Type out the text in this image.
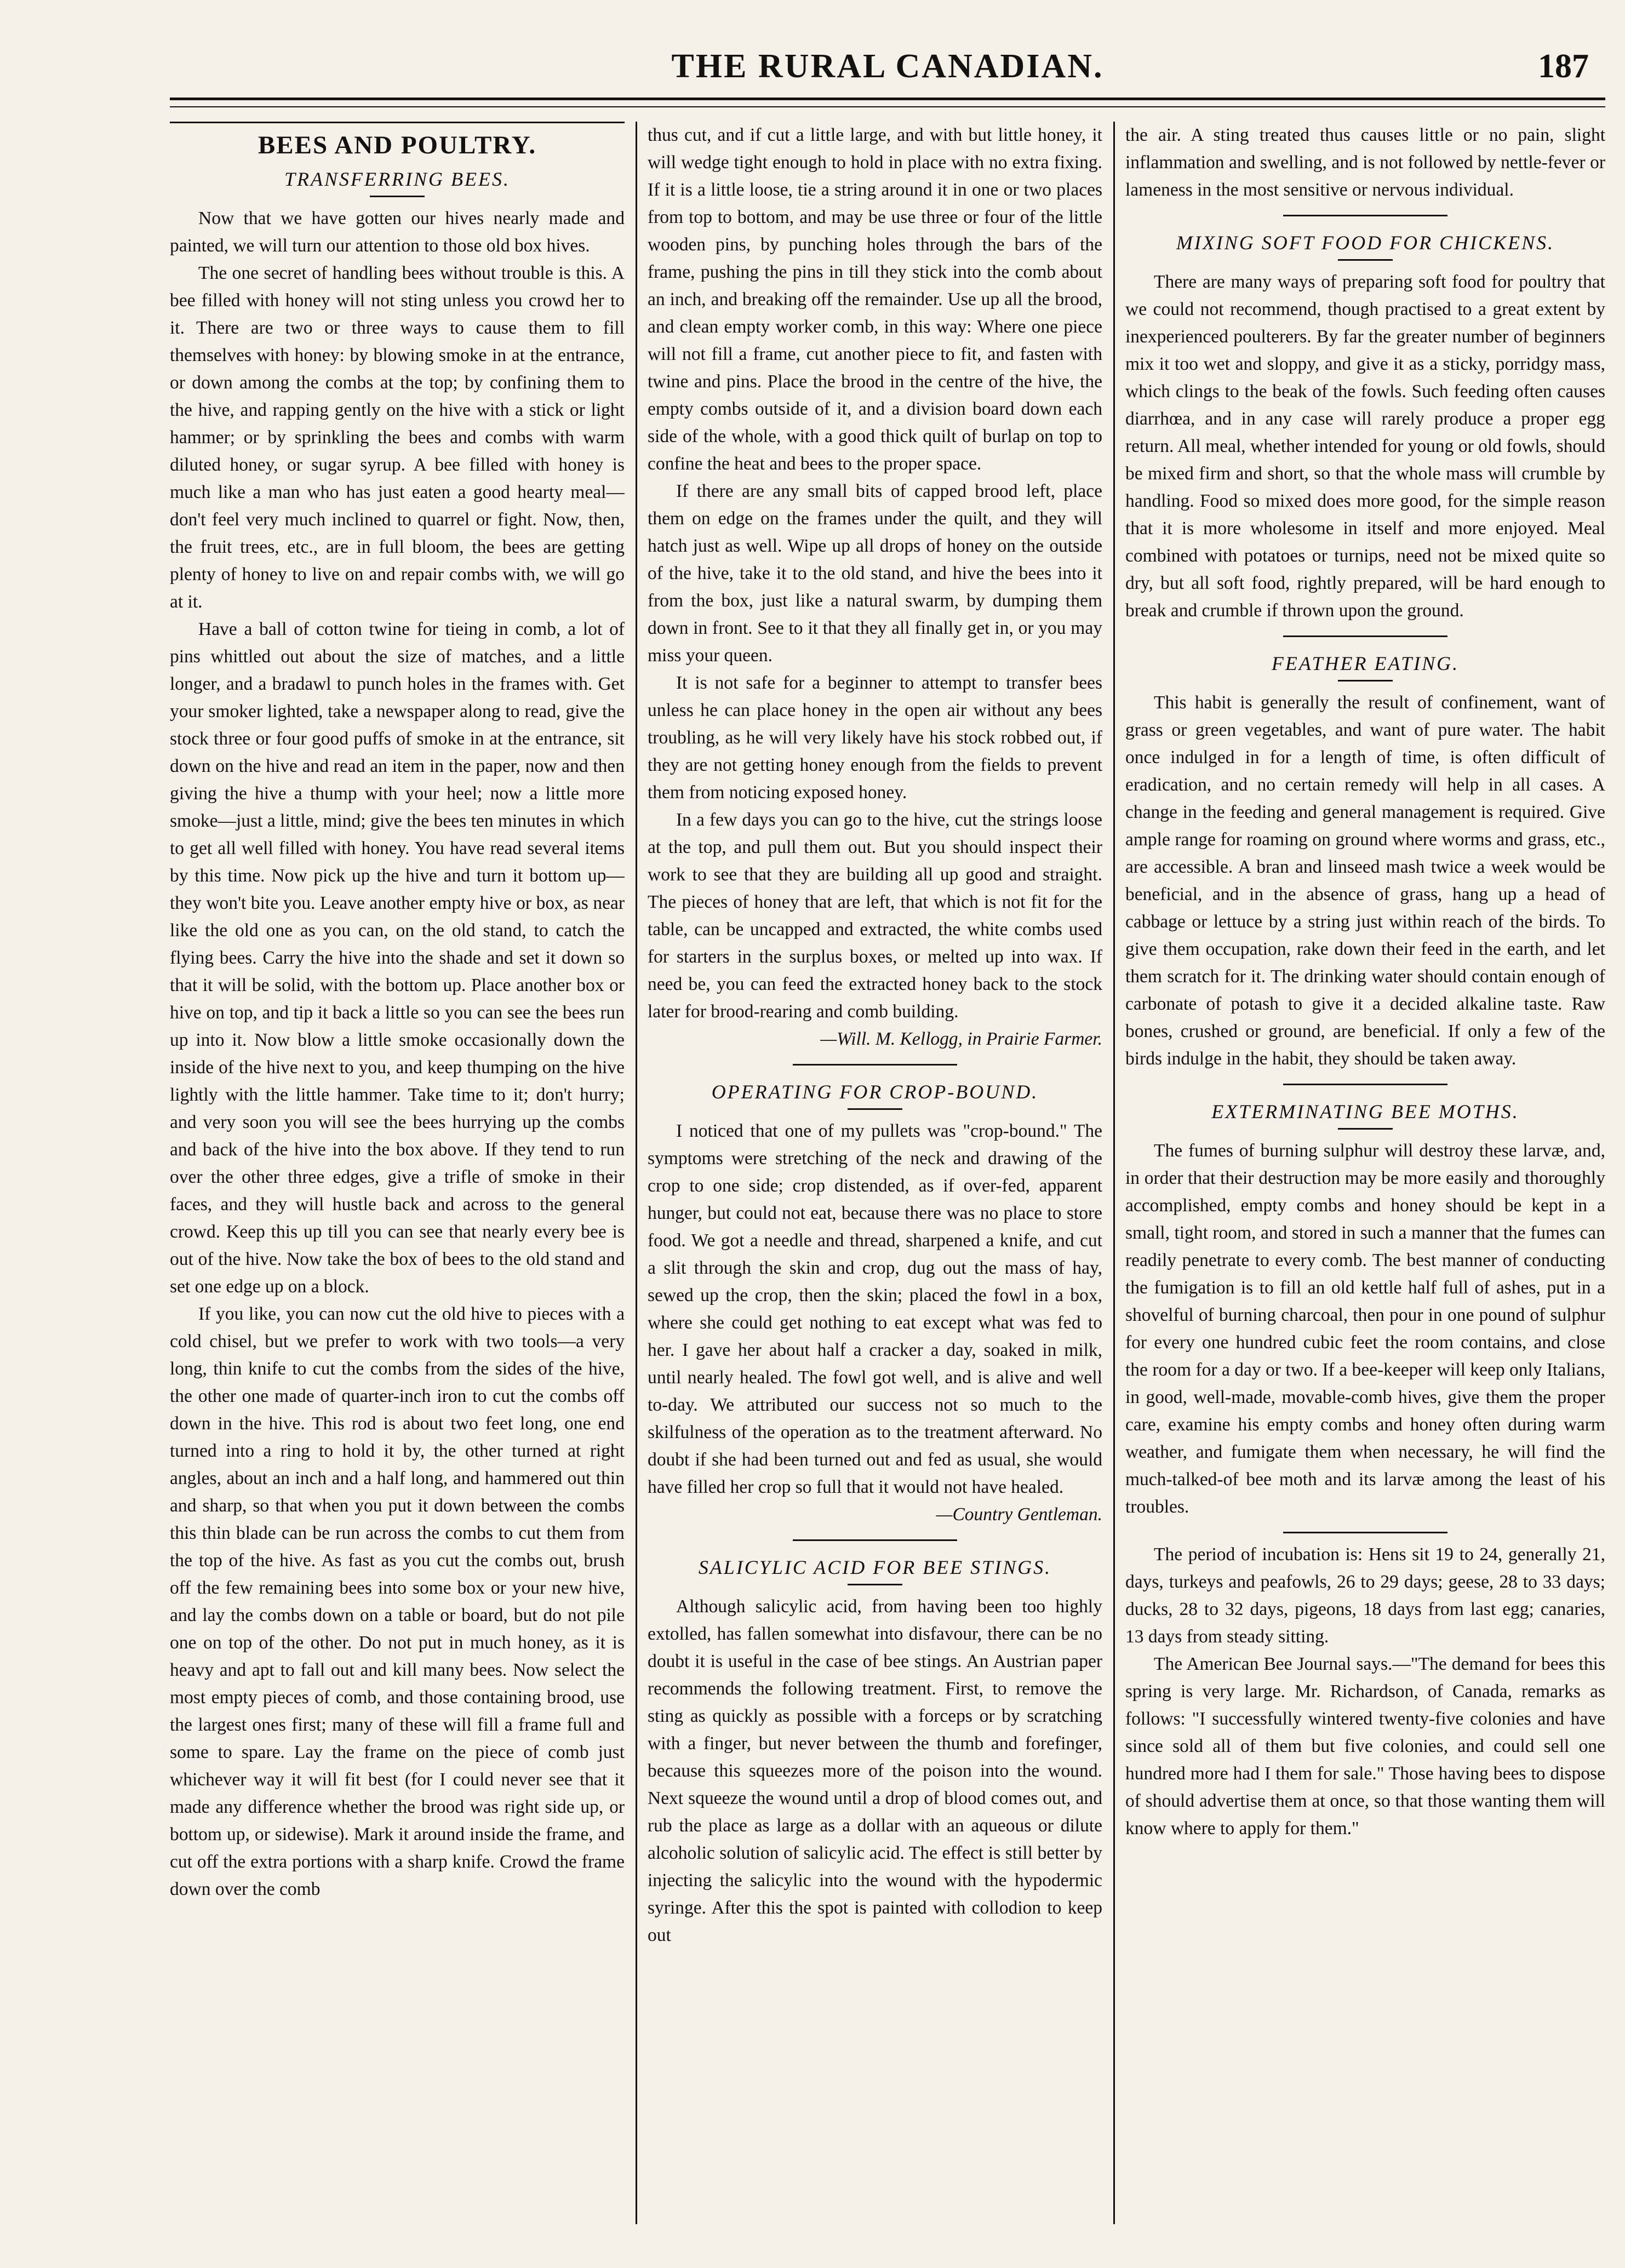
THE RURAL CANADIAN.	187
BEES AND POULTRY.
TRANSFERRING BEES.

Now that we have gotten our hives nearly made and painted, we will turn our attention to those old box hives.

The one secret of handling bees without trouble is this. A bee filled with honey will not sting unless you crowd her to it. There are two or three ways to cause them to fill themselves with honey: by blowing smoke in at the entrance, or down among the combs at the top; by confining them to the hive, and rapping gently on the hive with a stick or light hammer; or by sprinkling the bees and combs with warm diluted honey, or sugar syrup. A bee filled with honey is much like a man who has just eaten a good hearty meal—don't feel very much inclined to quarrel or fight. Now, then, the fruit trees, etc., are in full bloom, the bees are getting plenty of honey to live on and repair combs with, we will go at it.

Have a ball of cotton twine for tieing in comb, a lot of pins whittled out about the size of matches, and a little longer, and a bradawl to punch holes in the frames with. Get your smoker lighted, take a newspaper along to read, give the stock three or four good puffs of smoke in at the entrance, sit down on the hive and read an item in the paper, now and then giving the hive a thump with your heel; now a little more smoke—just a little, mind; give the bees ten minutes in which to get all well filled with honey. You have read several items by this time. Now pick up the hive and turn it bottom up—they won't bite you. Leave another empty hive or box, as near like the old one as you can, on the old stand, to catch the flying bees. Carry the hive into the shade and set it down so that it will be solid, with the bottom up. Place another box or hive on top, and tip it back a little so you can see the bees run up into it. Now blow a little smoke occasionally down the inside of the hive next to you, and keep thumping on the hive lightly with the little hammer. Take time to it; don't hurry; and very soon you will see the bees hurrying up the combs and back of the hive into the box above. If they tend to run over the other three edges, give a trifle of smoke in their faces, and they will hustle back and across to the general crowd. Keep this up till you can see that nearly every bee is out of the hive. Now take the box of bees to the old stand and set one edge up on a block.

If you like, you can now cut the old hive to pieces with a cold chisel, but we prefer to work with two tools—a very long, thin knife to cut the combs from the sides of the hive, the other one made of quarter-inch iron to cut the combs off down in the hive. This rod is about two feet long, one end turned into a ring to hold it by, the other turned at right angles, about an inch and a half long, and hammered out thin and sharp, so that when you put it down between the combs this thin blade can be run across the combs to cut them from the top of the hive. As fast as you cut the combs out, brush off the few remaining bees into some box or your new hive, and lay the combs down on a table or board, but do not pile one on top of the other. Do not put in much honey, as it is heavy and apt to fall out and kill many bees. Now select the most empty pieces of comb, and those containing brood, use the largest ones first; many of these will fill a frame full and some to spare. Lay the frame on the piece of comb just whichever way it will fit best (for I could never see that it made any difference whether the brood was right side up, or bottom up, or sidewise). Mark it around inside the frame, and cut off the extra portions with a sharp knife. Crowd the frame down over the comb

thus cut, and if cut a little large, and with but little honey, it will wedge tight enough to hold in place with no extra fixing. If it is a little loose, tie a string around it in one or two places from top to bottom, and may be use three or four of the little wooden pins, by punching holes through the bars of the frame, pushing the pins in till they stick into the comb about an inch, and breaking off the remainder. Use up all the brood, and clean empty worker comb, in this way: Where one piece will not fill a frame, cut another piece to fit, and fasten with twine and pins. Place the brood in the centre of the hive, the empty combs outside of it, and a division board down each side of the whole, with a good thick quilt of burlap on top to confine the heat and bees to the proper space.

If there are any small bits of capped brood left, place them on edge on the frames under the quilt, and they will hatch just as well. Wipe up all drops of honey on the outside of the hive, take it to the old stand, and hive the bees into it from the box, just like a natural swarm, by dumping them down in front. See to it that they all finally get in, or you may miss your queen.

It is not safe for a beginner to attempt to transfer bees unless he can place honey in the open air without any bees troubling, as he will very likely have his stock robbed out, if they are not getting honey enough from the fields to prevent them from noticing exposed honey.

In a few days you can go to the hive, cut the strings loose at the top, and pull them out. But you should inspect their work to see that they are building all up good and straight. The pieces of honey that are left, that which is not fit for the table, can be uncapped and extracted, the white combs used for starters in the surplus boxes, or melted up into wax. If need be, you can feed the extracted honey back to the stock later for brood-rearing and comb building.

—Will. M. Kellogg, in Prairie Farmer.

OPERATING FOR CROP-BOUND.

I noticed that one of my pullets was "crop-bound." The symptoms were stretching of the neck and drawing of the crop to one side; crop distended, as if over-fed, apparent hunger, but could not eat, because there was no place to store food. We got a needle and thread, sharpened a knife, and cut a slit through the skin and crop, dug out the mass of hay, sewed up the crop, then the skin; placed the fowl in a box, where she could get nothing to eat except what was fed to her. I gave her about half a cracker a day, soaked in milk, until nearly healed. The fowl got well, and is alive and well to-day. We attributed our success not so much to the skilfulness of the operation as to the treatment afterward. No doubt if she had been turned out and fed as usual, she would have filled her crop so full that it would not have healed.

—Country Gentleman.

SALICYLIC ACID FOR BEE STINGS.

Although salicylic acid, from having been too highly extolled, has fallen somewhat into disfavour, there can be no doubt it is useful in the case of bee stings. An Austrian paper recommends the following treatment. First, to remove the sting as quickly as possible with a forceps or by scratching with a finger, but never between the thumb and forefinger, because this squeezes more of the poison into the wound. Next squeeze the wound until a drop of blood comes out, and rub the place as large as a dollar with an aqueous or dilute alcoholic solution of salicylic acid. The effect is still better by injecting the salicylic into the wound with the hypodermic syringe. After this the spot is painted with collodion to keep out

the air. A sting treated thus causes little or no pain, slight inflammation and swelling, and is not followed by nettle-fever or lameness in the most sensitive or nervous individual.

MIXING SOFT FOOD FOR CHICKENS.

There are many ways of preparing soft food for poultry that we could not recommend, though practised to a great extent by inexperienced poulterers. By far the greater number of beginners mix it too wet and sloppy, and give it as a sticky, porridgy mass, which clings to the beak of the fowls. Such feeding often causes diarrhœa, and in any case will rarely produce a proper egg return. All meal, whether intended for young or old fowls, should be mixed firm and short, so that the whole mass will crumble by handling. Food so mixed does more good, for the simple reason that it is more wholesome in itself and more enjoyed. Meal combined with potatoes or turnips, need not be mixed quite so dry, but all soft food, rightly prepared, will be hard enough to break and crumble if thrown upon the ground.

FEATHER EATING.

This habit is generally the result of confinement, want of grass or green vegetables, and want of pure water. The habit once indulged in for a length of time, is often difficult of eradication, and no certain remedy will help in all cases. A change in the feeding and general management is required. Give ample range for roaming on ground where worms and grass, etc., are accessible. A bran and linseed mash twice a week would be beneficial, and in the absence of grass, hang up a head of cabbage or lettuce by a string just within reach of the birds. To give them occupation, rake down their feed in the earth, and let them scratch for it. The drinking water should contain enough of carbonate of potash to give it a decided alkaline taste. Raw bones, crushed or ground, are beneficial. If only a few of the birds indulge in the habit, they should be taken away.

EXTERMINATING BEE MOTHS.

The fumes of burning sulphur will destroy these larvæ, and, in order that their destruction may be more easily and thoroughly accomplished, empty combs and honey should be kept in a small, tight room, and stored in such a manner that the fumes can readily penetrate to every comb. The best manner of conducting the fumigation is to fill an old kettle half full of ashes, put in a shovelful of burning charcoal, then pour in one pound of sulphur for every one hundred cubic feet the room contains, and close the room for a day or two. If a bee-keeper will keep only Italians, in good, well-made, movable-comb hives, give them the proper care, examine his empty combs and honey often during warm weather, and fumigate them when necessary, he will find the much-talked-of bee moth and its larvæ among the least of his troubles.

The period of incubation is: Hens sit 19 to 24, generally 21, days, turkeys and peafowls, 26 to 29 days; geese, 28 to 33 days; ducks, 28 to 32 days, pigeons, 18 days from last egg; canaries, 13 days from steady sitting.

The American Bee Journal says.—"The demand for bees this spring is very large. Mr. Richardson, of Canada, remarks as follows: "I successfully wintered twenty-five colonies and have since sold all of them but five colonies, and could sell one hundred more had I them for sale." Those having bees to dispose of should advertise them at once, so that those wanting them will know where to apply for them."
